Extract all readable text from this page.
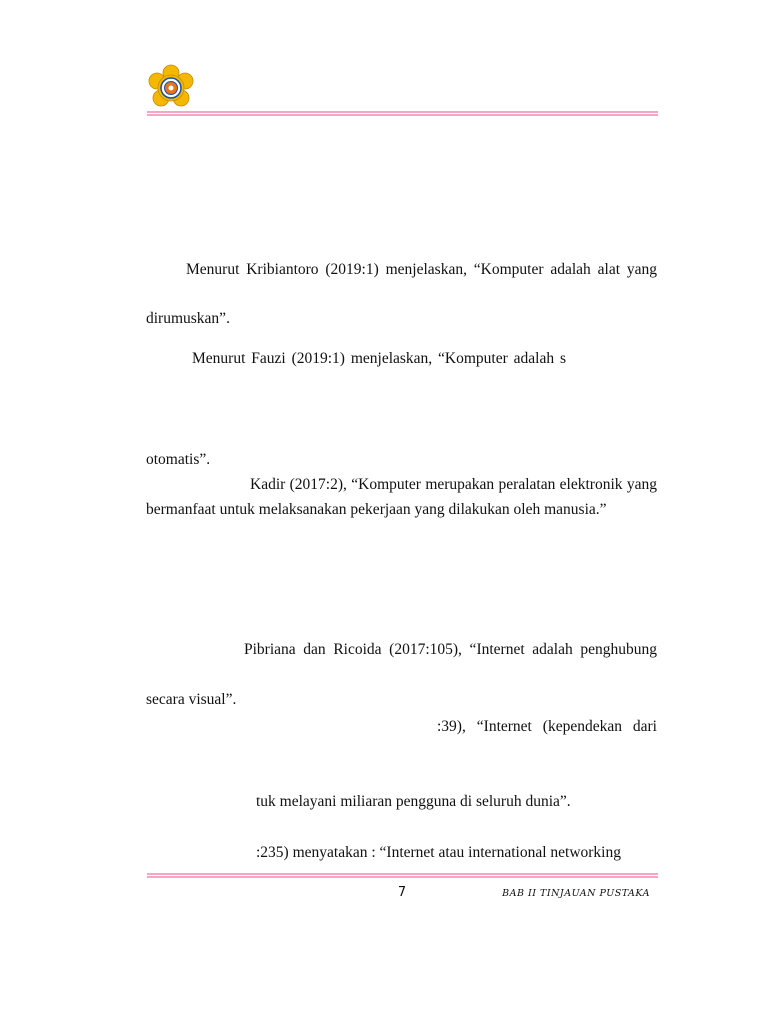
Menurut Kribiantoro (2019:1) menjelaskan, “Komputer adalah alat yang
dirumuskan”.
Menurut Fauzi (2019:1) menjelaskan, “Komputer adalah s
otomatis”.
Kadir (2017:2), “Komputer merupakan peralatan elektronik yang
bermanfaat untuk melaksanakan pekerjaan yang dilakukan oleh manusia.”
Pibriana dan Ricoida (2017:105), “Internet adalah penghubung
secara visual”.
:39), “Internet (kependekan dari
tuk melayani miliaran pengguna di seluruh dunia”.
:235) menyatakan : “Internet atau international networking
7	BAB II TINJAUAN PUSTAKA
